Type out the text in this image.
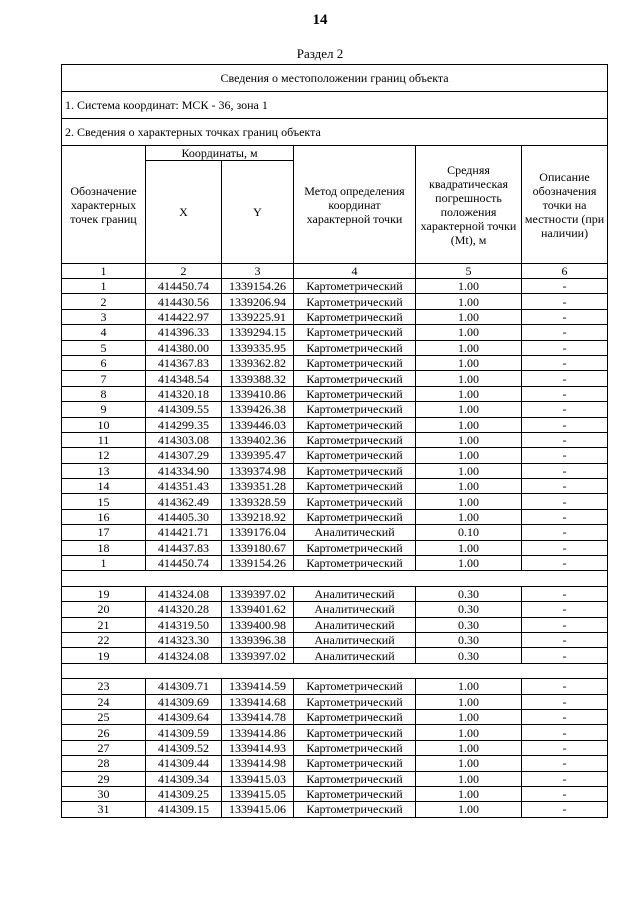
14
Раздел 2
Сведения о местоположении границ объекта					
1. Система координат: МСК - 36, зона 1					
2. Сведения о характерных точках границ объекта					
Обозначение характерных точек границ	Координаты, м		Метод определения координат характерной точки	Средняя квадратическая погрешность положения характерной точки (Mt), м	Описание обозначения точки на местности (при наличии)
	X	Y			
1	2	3	4	5	6
1	414450.74	1339154.26	Картометрический	1.00	-
2	414430.56	1339206.94	Картометрический	1.00	-
3	414422.97	1339225.91	Картометрический	1.00	-
4	414396.33	1339294.15	Картометрический	1.00	-
5	414380.00	1339335.95	Картометрический	1.00	-
6	414367.83	1339362.82	Картометрический	1.00	-
7	414348.54	1339388.32	Картометрический	1.00	-
8	414320.18	1339410.86	Картометрический	1.00	-
9	414309.55	1339426.38	Картометрический	1.00	-
10	414299.35	1339446.03	Картометрический	1.00	-
11	414303.08	1339402.36	Картометрический	1.00	-
12	414307.29	1339395.47	Картометрический	1.00	-
13	414334.90	1339374.98	Картометрический	1.00	-
14	414351.43	1339351.28	Картометрический	1.00	-
15	414362.49	1339328.59	Картометрический	1.00	-
16	414405.30	1339218.92	Картометрический	1.00	-
17	414421.71	1339176.04	Аналитический	0.10	-
18	414437.83	1339180.67	Картометрический	1.00	-
1	414450.74	1339154.26	Картометрический	1.00	-

19	414324.08	1339397.02	Аналитический	0.30	-
20	414320.28	1339401.62	Аналитический	0.30	-
21	414319.50	1339400.98	Аналитический	0.30	-
22	414323.30	1339396.38	Аналитический	0.30	-
19	414324.08	1339397.02	Аналитический	0.30	-

23	414309.71	1339414.59	Картометрический	1.00	-
24	414309.69	1339414.68	Картометрический	1.00	-
25	414309.64	1339414.78	Картометрический	1.00	-
26	414309.59	1339414.86	Картометрический	1.00	-
27	414309.52	1339414.93	Картометрический	1.00	-
28	414309.44	1339414.98	Картометрический	1.00	-
29	414309.34	1339415.03	Картометрический	1.00	-
30	414309.25	1339415.05	Картометрический	1.00	-
31	414309.15	1339415.06	Картометрический	1.00	-
